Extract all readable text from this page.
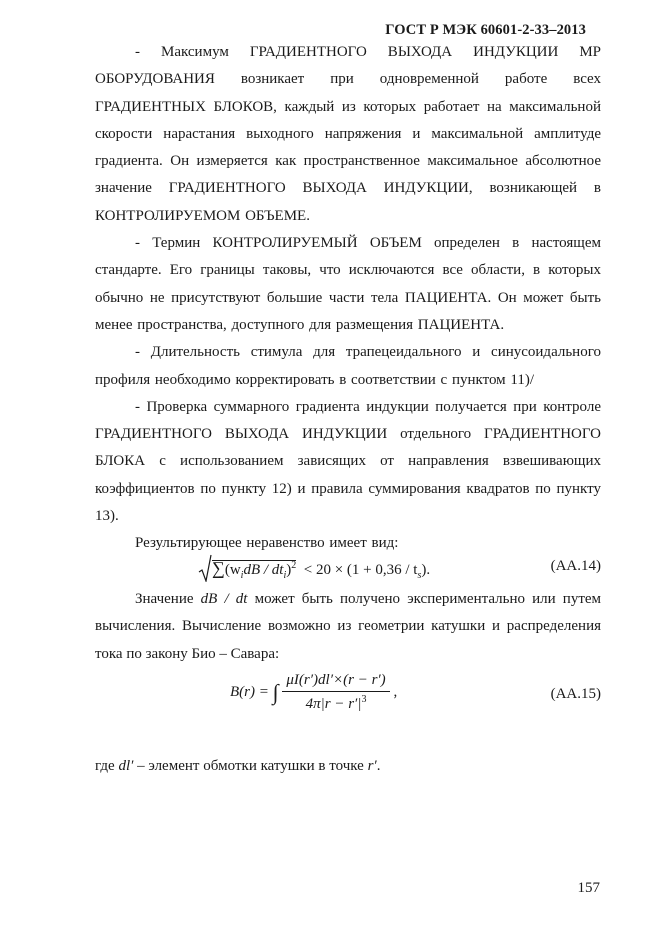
ГОСТ Р МЭК 60601-2-33–2013

- Максимум ГРАДИЕНТНОГО ВЫХОДА ИНДУКЦИИ МР ОБОРУДОВАНИЯ возникает при одновременной работе всех ГРАДИЕНТНЫХ БЛОКОВ, каждый из которых работает на максимальной скорости нарастания выходного напряжения и максимальной амплитуде градиента. Он измеряется как пространственное максимальное абсолютное значение ГРАДИЕНТНОГО ВЫХОДА ИНДУКЦИИ, возникающей в КОНТРОЛИРУЕМОМ ОБЪЕМЕ.

- Термин КОНТРОЛИРУЕМЫЙ ОБЪЕМ определен в настоящем стандарте. Его границы таковы, что исключаются все области, в которых обычно не присутствуют большие части тела ПАЦИЕНТА. Он может быть менее пространства, доступного для размещения ПАЦИЕНТА.

- Длительность стимула для трапецеидального и синусоидального профиля необходимо корректировать в соответствии с пунктом 11)/

- Проверка суммарного градиента индукции получается при контроле ГРАДИЕНТНОГО ВЫХОДА ИНДУКЦИИ отдельного ГРАДИЕНТНОГО БЛОКА с использованием зависящих от направления взвешивающих коэффициентов по пункту 12) и правила суммирования квадратов по пункту 13).

Результирующее неравенство имеет вид:

$\sum(w_idB / dt_i)^2 < 20 \times (1 + 0,36 / t_s)$.	(AA.14)

Значение dB / dt может быть получено экспериментально или путем вычисления. Вычисление возможно из геометрии катушки и распределения тока по закону Био – Савара:

B(r) = ∫ $\frac{\mu I(r')dl'\times(r - r')}{4\pi|r - r'|^3}$ ,	(AA.15)

где dl′ – элемент обмотки катушки в точке r′.

157
